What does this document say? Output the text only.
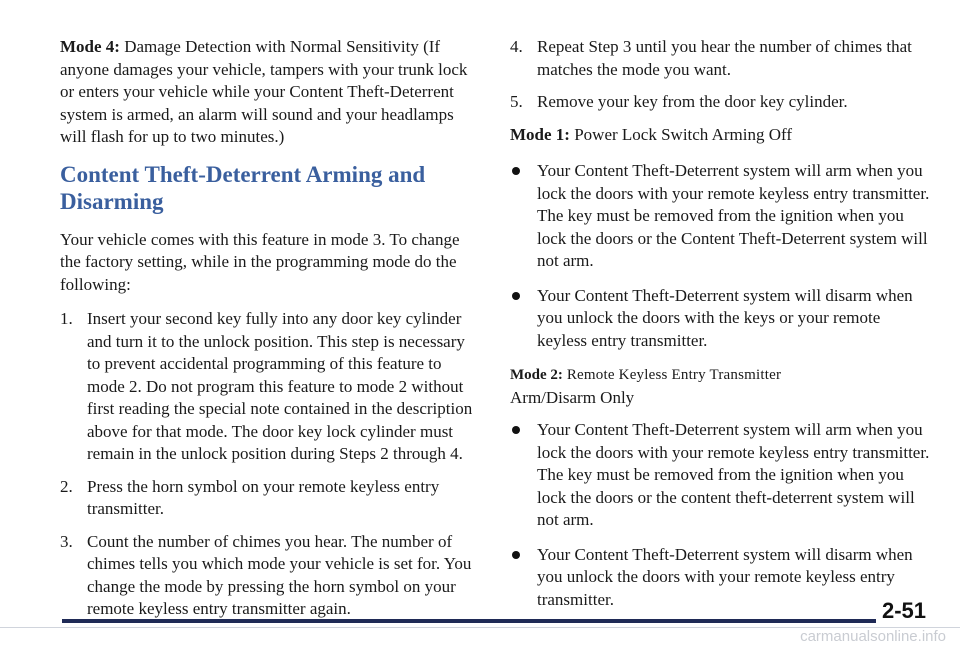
Mode 4: Damage Detection with Normal Sensitivity (If anyone damages your vehicle, tampers with your trunk lock or enters your vehicle while your Content Theft-Deterrent system is armed, an alarm will sound and your headlamps will flash for up to two minutes.)

Content Theft-Deterrent Arming and Disarming

Your vehicle comes with this feature in mode 3. To change the factory setting, while in the programming mode do the following:

1. Insert your second key fully into any door key cylinder and turn it to the unlock position. This step is necessary to prevent accidental programming of this feature to mode 2. Do not program this feature to mode 2 without first reading the special note contained in the description above for that mode. The door key lock cylinder must remain in the unlock position during Steps 2 through 4.

2. Press the horn symbol on your remote keyless entry transmitter.

3. Count the number of chimes you hear. The number of chimes tells you which mode your vehicle is set for. You change the mode by pressing the horn symbol on your remote keyless entry transmitter again.

4. Repeat Step 3 until you hear the number of chimes that matches the mode you want.

5. Remove your key from the door key cylinder.

Mode 1: Power Lock Switch Arming Off

Your Content Theft-Deterrent system will arm when you lock the doors with your remote keyless entry transmitter. The key must be removed from the ignition when you lock the doors or the Content Theft-Deterrent system will not arm.

Your Content Theft-Deterrent system will disarm when you unlock the doors with the keys or your remote keyless entry transmitter.

Mode 2: Remote Keyless Entry Transmitter

Arm/Disarm Only

Your Content Theft-Deterrent system will arm when you lock the doors with your remote keyless entry transmitter. The key must be removed from the ignition when you lock the doors or the content theft-deterrent system will not arm.

Your Content Theft-Deterrent system will disarm when you unlock the doors with your remote keyless entry transmitter.	2-51
carmanualsonline.info
